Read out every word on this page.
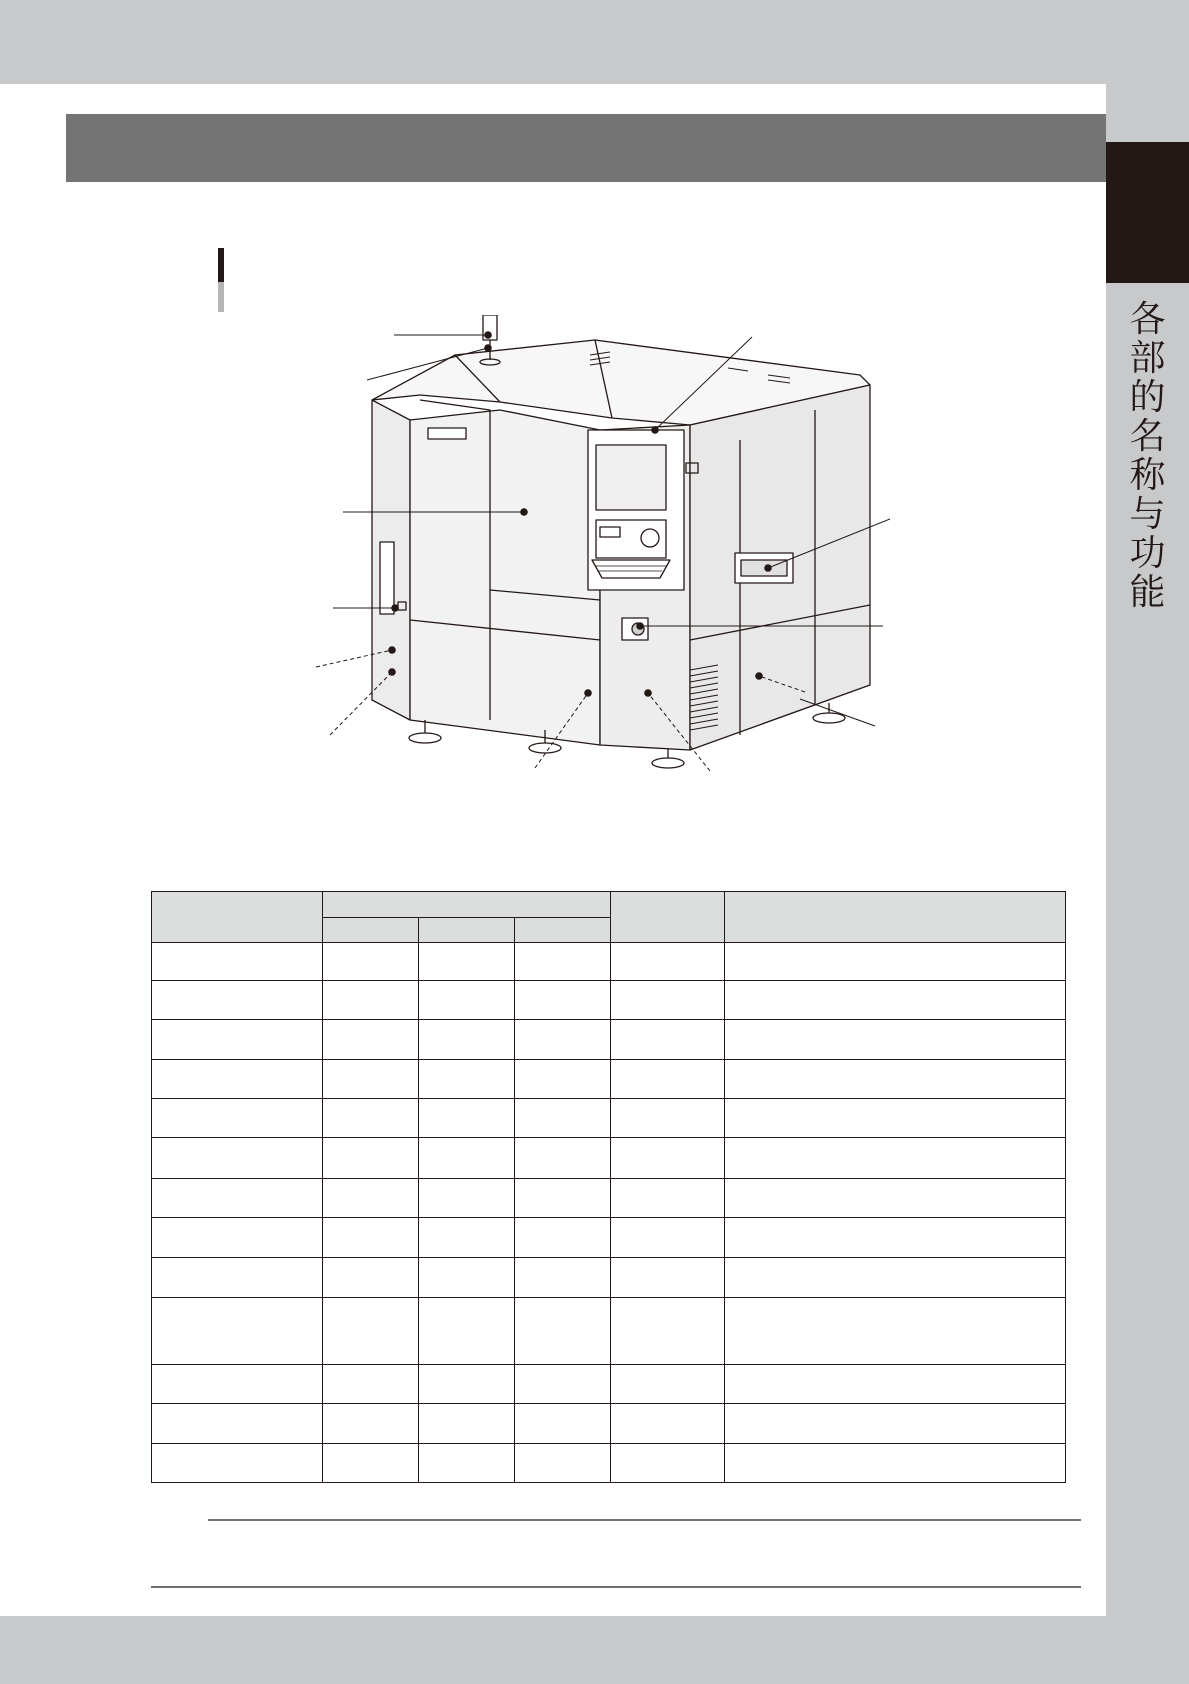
各
部
的
名
称
与
功
能
